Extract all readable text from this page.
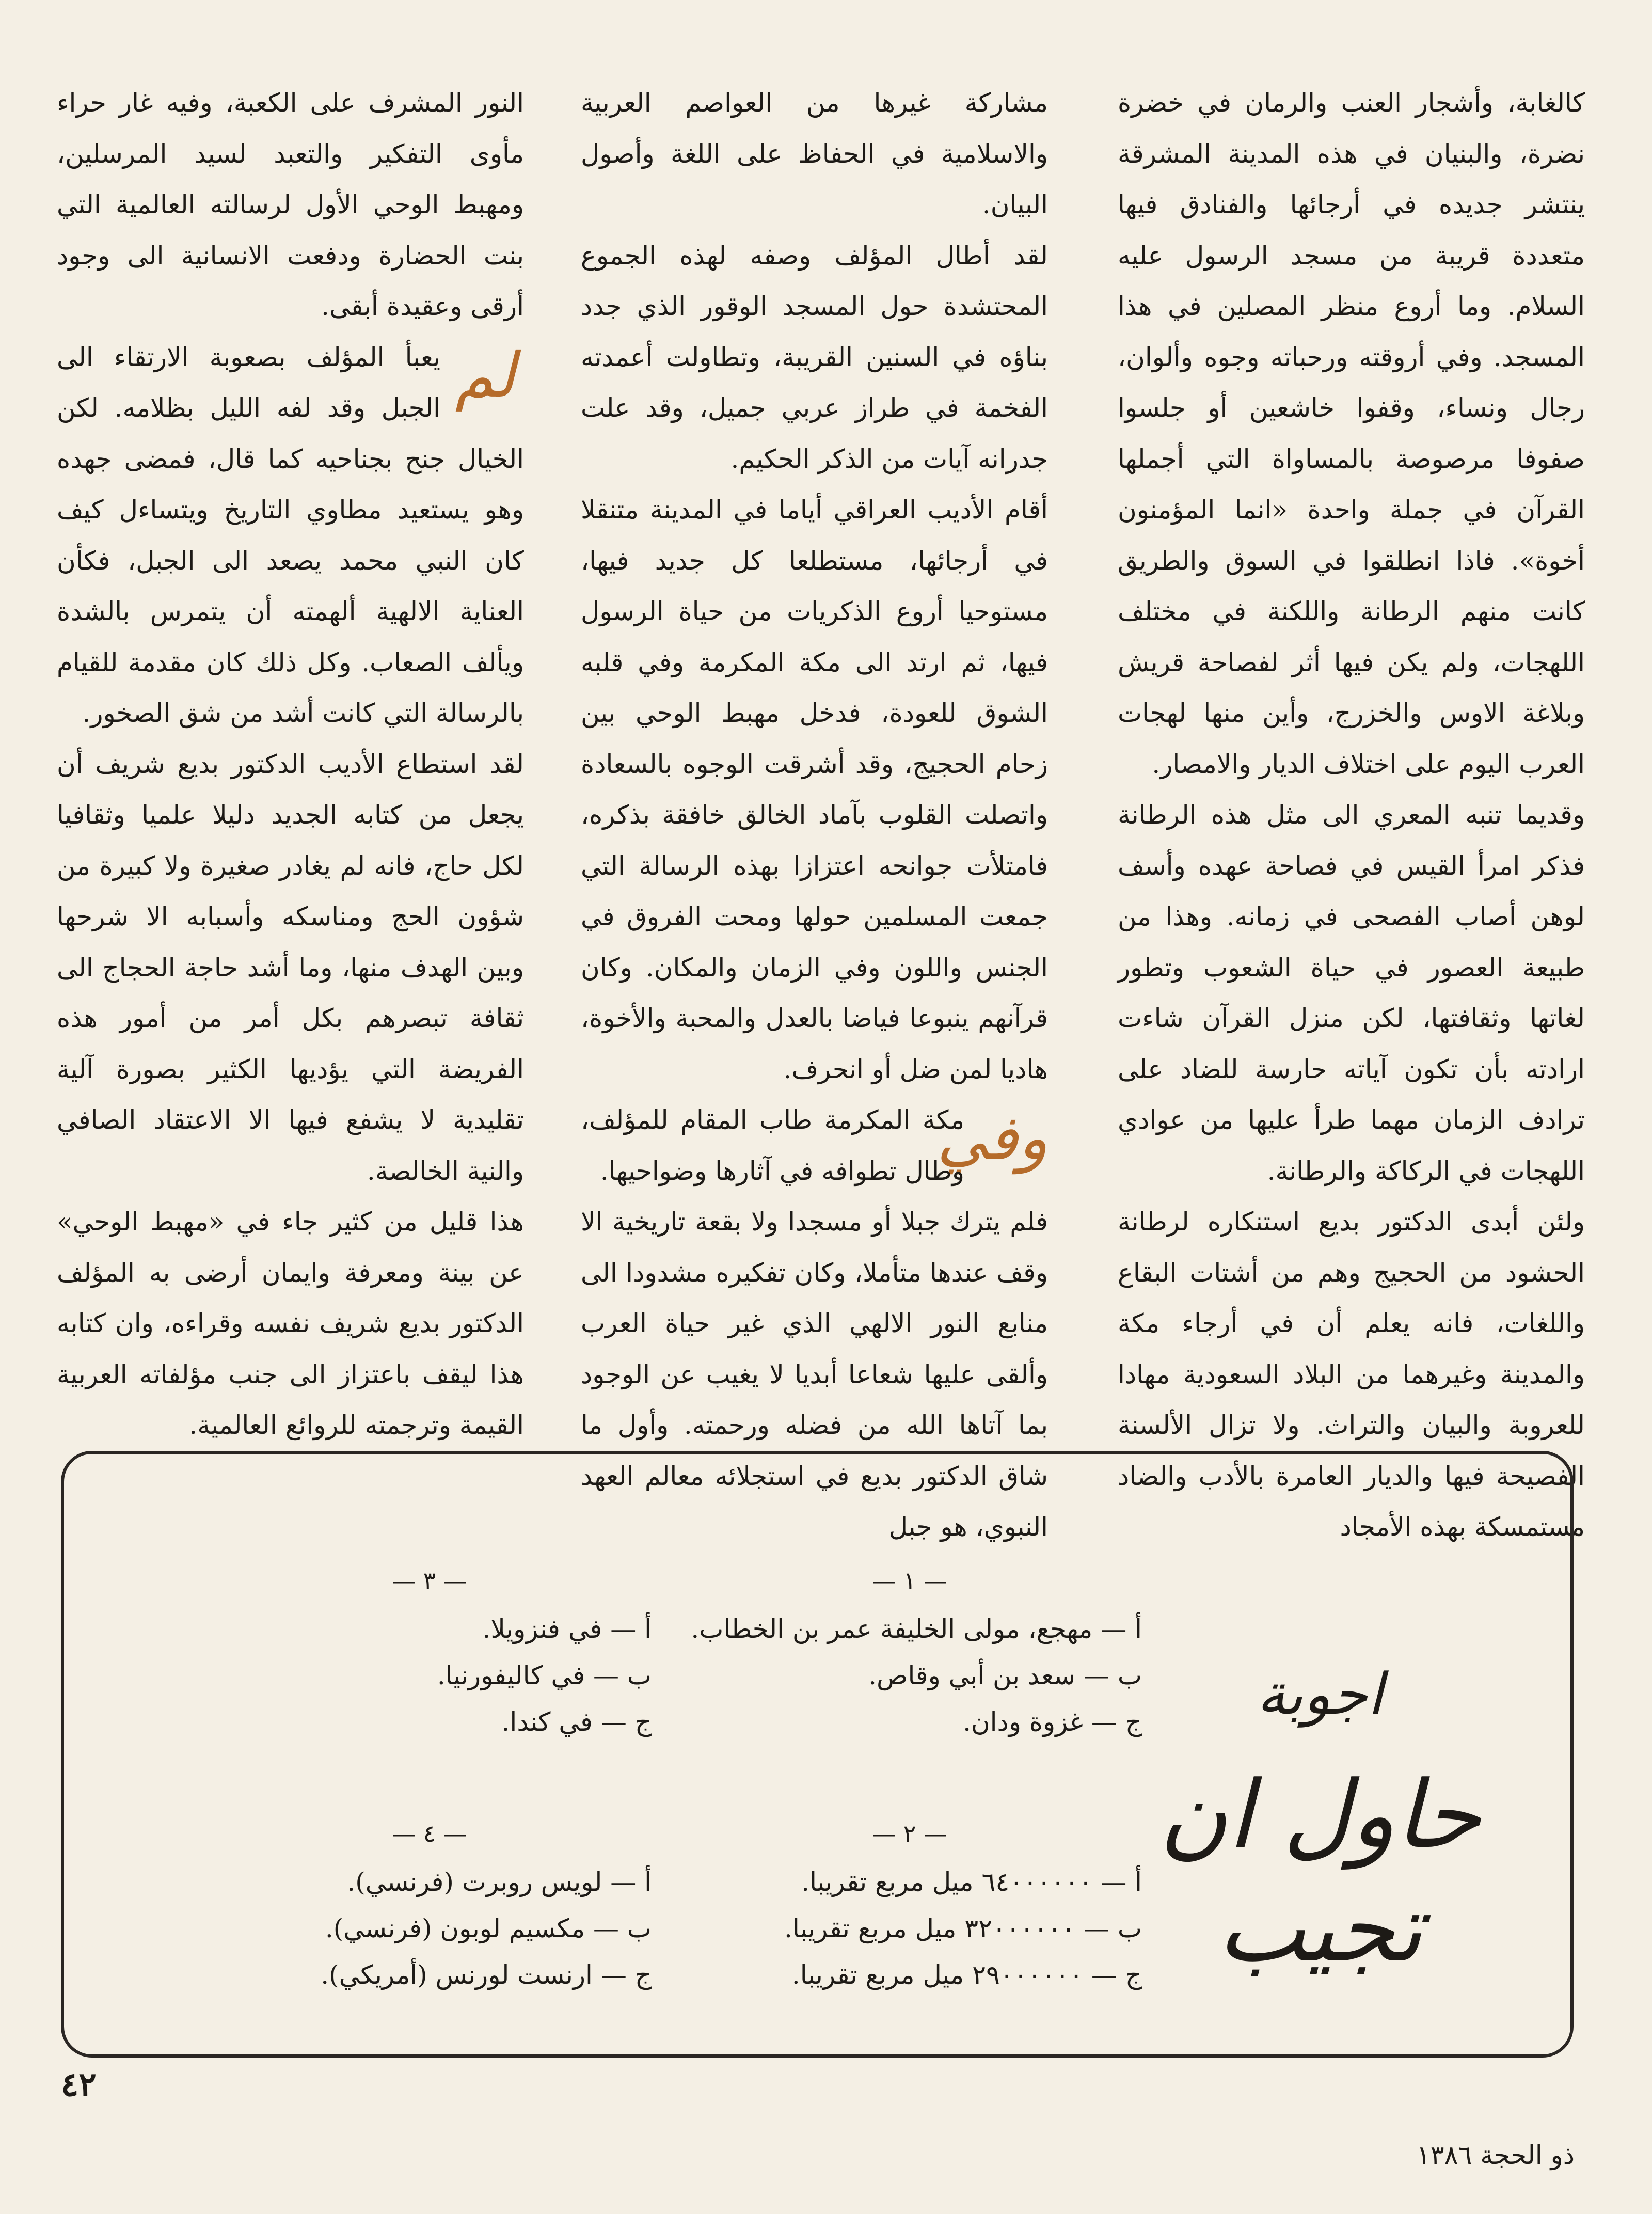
كالغابة، وأشجار العنب والرمان في خضرة نضرة، والبنيان في هذه المدينة المشرقة ينتشر جديده في أرجائها والفنادق فيها متعددة قريبة من مسجد الرسول عليه السلام. وما أروع منظر المصلين في هذا المسجد. وفي أروقته ورحباته وجوه وألوان، رجال ونساء، وقفوا خاشعين أو جلسوا صفوفا مرصوصة بالمساواة التي أجملها القرآن في جملة واحدة «انما المؤمنون أخوة». فاذا انطلقوا في السوق والطريق كانت منهم الرطانة واللكنة في مختلف اللهجات، ولم يكن فيها أثر لفصاحة قريش وبلاغة الاوس والخزرج، وأين منها لهجات العرب اليوم على اختلاف الديار والامصار.

وقديما تنبه المعري الى مثل هذه الرطانة فذكر امرأ القيس في فصاحة عهده وأسف لوهن أصاب الفصحى في زمانه. وهذا من طبيعة العصور في حياة الشعوب وتطور لغاتها وثقافتها، لكن منزل القرآن شاءت ارادته بأن تكون آياته حارسة للضاد على ترادف الزمان مهما طرأ عليها من عوادي اللهجات في الركاكة والرطانة.

ولئن أبدى الدكتور بديع استنكاره لرطانة الحشود من الحجيج وهم من أشتات البقاع واللغات، فانه يعلم أن في أرجاء مكة والمدينة وغيرهما من البلاد السعودية مهادا للعروبة والبيان والتراث. ولا تزال الألسنة الفصيحة فيها والديار العامرة بالأدب والضاد مستمسكة بهذه الأمجاد

مشاركة غيرها من العواصم العربية والاسلامية في الحفاظ على اللغة وأصول البيان.

لقد أطال المؤلف وصفه لهذه الجموع المحتشدة حول المسجد الوقور الذي جدد بناؤه في السنين القريبة، وتطاولت أعمدته الفخمة في طراز عربي جميل، وقد علت جدرانه آيات من الذكر الحكيم.

أقام الأديب العراقي أياما في المدينة متنقلا في أرجائها، مستطلعا كل جديد فيها، مستوحيا أروع الذكريات من حياة الرسول فيها، ثم ارتد الى مكة المكرمة وفي قلبه الشوق للعودة، فدخل مهبط الوحي بين زحام الحجيج، وقد أشرقت الوجوه بالسعادة واتصلت القلوب بآماد الخالق خافقة بذكره، فامتلأت جوانحه اعتزازا بهذه الرسالة التي جمعت المسلمين حولها ومحت الفروق في الجنس واللون وفي الزمان والمكان. وكان قرآنهم ينبوعا فياضا بالعدل والمحبة والأخوة، هاديا لمن ضل أو انحرف.

وفي
مكة المكرمة طاب المقام للمؤلف، وطال تطوافه في آثارها وضواحيها.

فلم يترك جبلا أو مسجدا ولا بقعة تاريخية الا وقف عندها متأملا، وكان تفكيره مشدودا الى منابع النور الالهي الذي غير حياة العرب وألقى عليها شعاعا أبديا لا يغيب عن الوجود بما آتاها الله من فضله ورحمته. وأول ما شاق الدكتور بديع في استجلائه معالم العهد النبوي، هو جبل

النور المشرف على الكعبة، وفيه غار حراء مأوى التفكير والتعبد لسيد المرسلين، ومهبط الوحي الأول لرسالته العالمية التي بنت الحضارة ودفعت الانسانية الى وجود أرقى وعقيدة أبقى.

لم
يعبأ المؤلف بصعوبة الارتقاء الى الجبل وقد لفه الليل بظلامه. لكن الخيال جنح بجناحيه كما قال، فمضى جهده وهو يستعيد مطاوي التاريخ ويتساءل كيف كان النبي محمد يصعد الى الجبل، فكأن العناية الالهية ألهمته أن يتمرس بالشدة ويألف الصعاب. وكل ذلك كان مقدمة للقيام بالرسالة التي كانت أشد من شق الصخور.

لقد استطاع الأديب الدكتور بديع شريف أن يجعل من كتابه الجديد دليلا علميا وثقافيا لكل حاج، فانه لم يغادر صغيرة ولا كبيرة من شؤون الحج ومناسكه وأسبابه الا شرحها وبين الهدف منها، وما أشد حاجة الحجاج الى ثقافة تبصرهم بكل أمر من أمور هذه الفريضة التي يؤديها الكثير بصورة آلية تقليدية لا يشفع فيها الا الاعتقاد الصافي والنية الخالصة.

هذا قليل من كثير جاء في «مهبط الوحي» عن بينة ومعرفة وايمان أرضى به المؤلف الدكتور بديع شريف نفسه وقراءه، وان كتابه هذا ليقف باعتزاز الى جنب مؤلفاته العربية القيمة وترجمته للروائع العالمية.

اجوبة
حاول ان تجيب
— ١ —
أ — مهجع، مولى الخليفة عمر بن الخطاب.
ب — سعد بن أبي وقاص.
ج — غزوة ودان.
— ٢ —
أ — ٦٤٠٠٠٠٠٠ ميل مربع تقريبا.
ب — ٣٢٠٠٠٠٠٠ ميل مربع تقريبا.
ج — ٢٩٠٠٠٠٠٠ ميل مربع تقريبا.
— ٣ —
أ — في فنزويلا.
ب — في كاليفورنيا.
ج — في كندا.
— ٤ —
أ — لويس روبرت (فرنسي).
ب — مكسيم لوبون (فرنسي).
ج — ارنست لورنس (أمريكي).
٤٢
ذو الحجة ١٣٨٦
